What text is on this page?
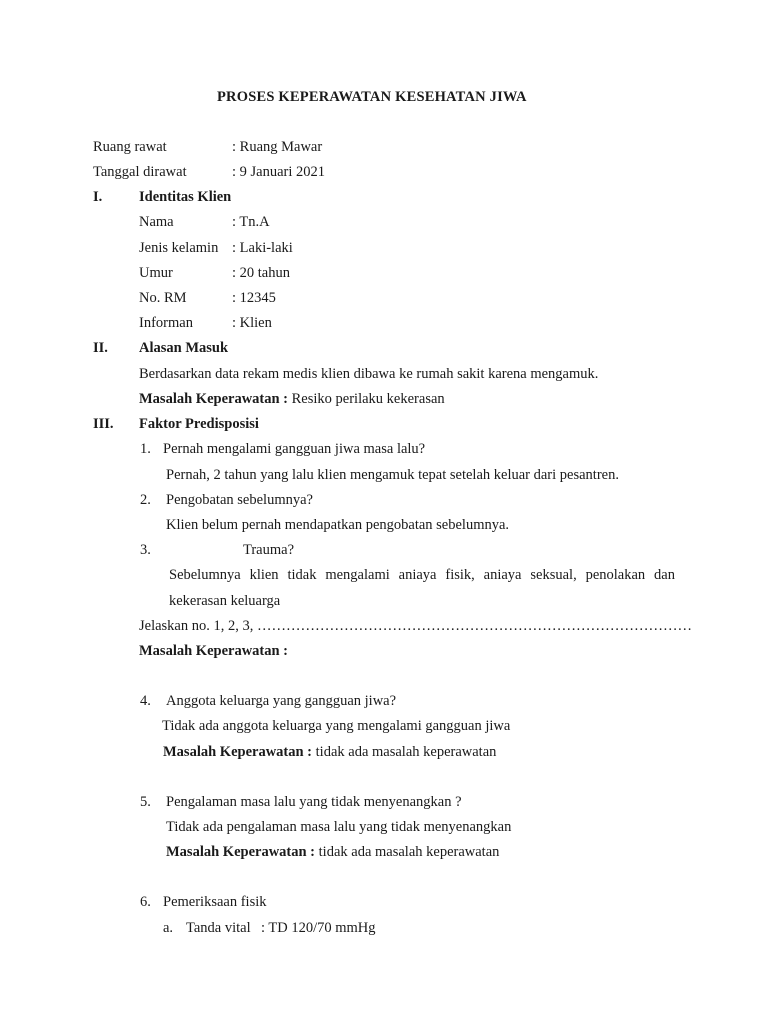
PROSES KEPERAWATAN KESEHATAN JIWA
Ruang rawat	: Ruang Mawar
Tanggal dirawat	: 9 Januari 2021
I.	Identitas Klien
Nama	: Tn.A
Jenis kelamin : Laki-laki
Umur	: 20 tahun
No. RM	: 12345
Informan	: Klien
II. Alasan Masuk
Berdasarkan data rekam medis klien dibawa ke rumah sakit karena mengamuk.
Masalah Keperawatan : Resiko perilaku kekerasan
III. Faktor Predisposisi
1. Pernah mengalami gangguan jiwa masa lalu?
Pernah, 2 tahun yang lalu klien mengamuk tepat setelah keluar dari pesantren.
2. Pengobatan sebelumnya?
Klien belum pernah mendapatkan pengobatan sebelumnya.
3.	Trauma?
Sebelumnya klien tidak mengalami aniaya fisik, aniaya seksual, penolakan dan
kekerasan keluarga
Jelaskan no. 1, 2, 3, ………………………………………………………………………………
Masalah Keperawatan :
4. Anggota keluarga yang gangguan jiwa?
Tidak ada anggota keluarga yang mengalami gangguan jiwa
Masalah Keperawatan : tidak ada masalah keperawatan
5. Pengalaman masa lalu yang tidak menyenangkan ?
Tidak ada pengalaman masa lalu yang tidak menyenangkan
Masalah Keperawatan : tidak ada masalah keperawatan
6. Pemeriksaan fisik
a. Tanda vital : TD 120/70 mmHg
